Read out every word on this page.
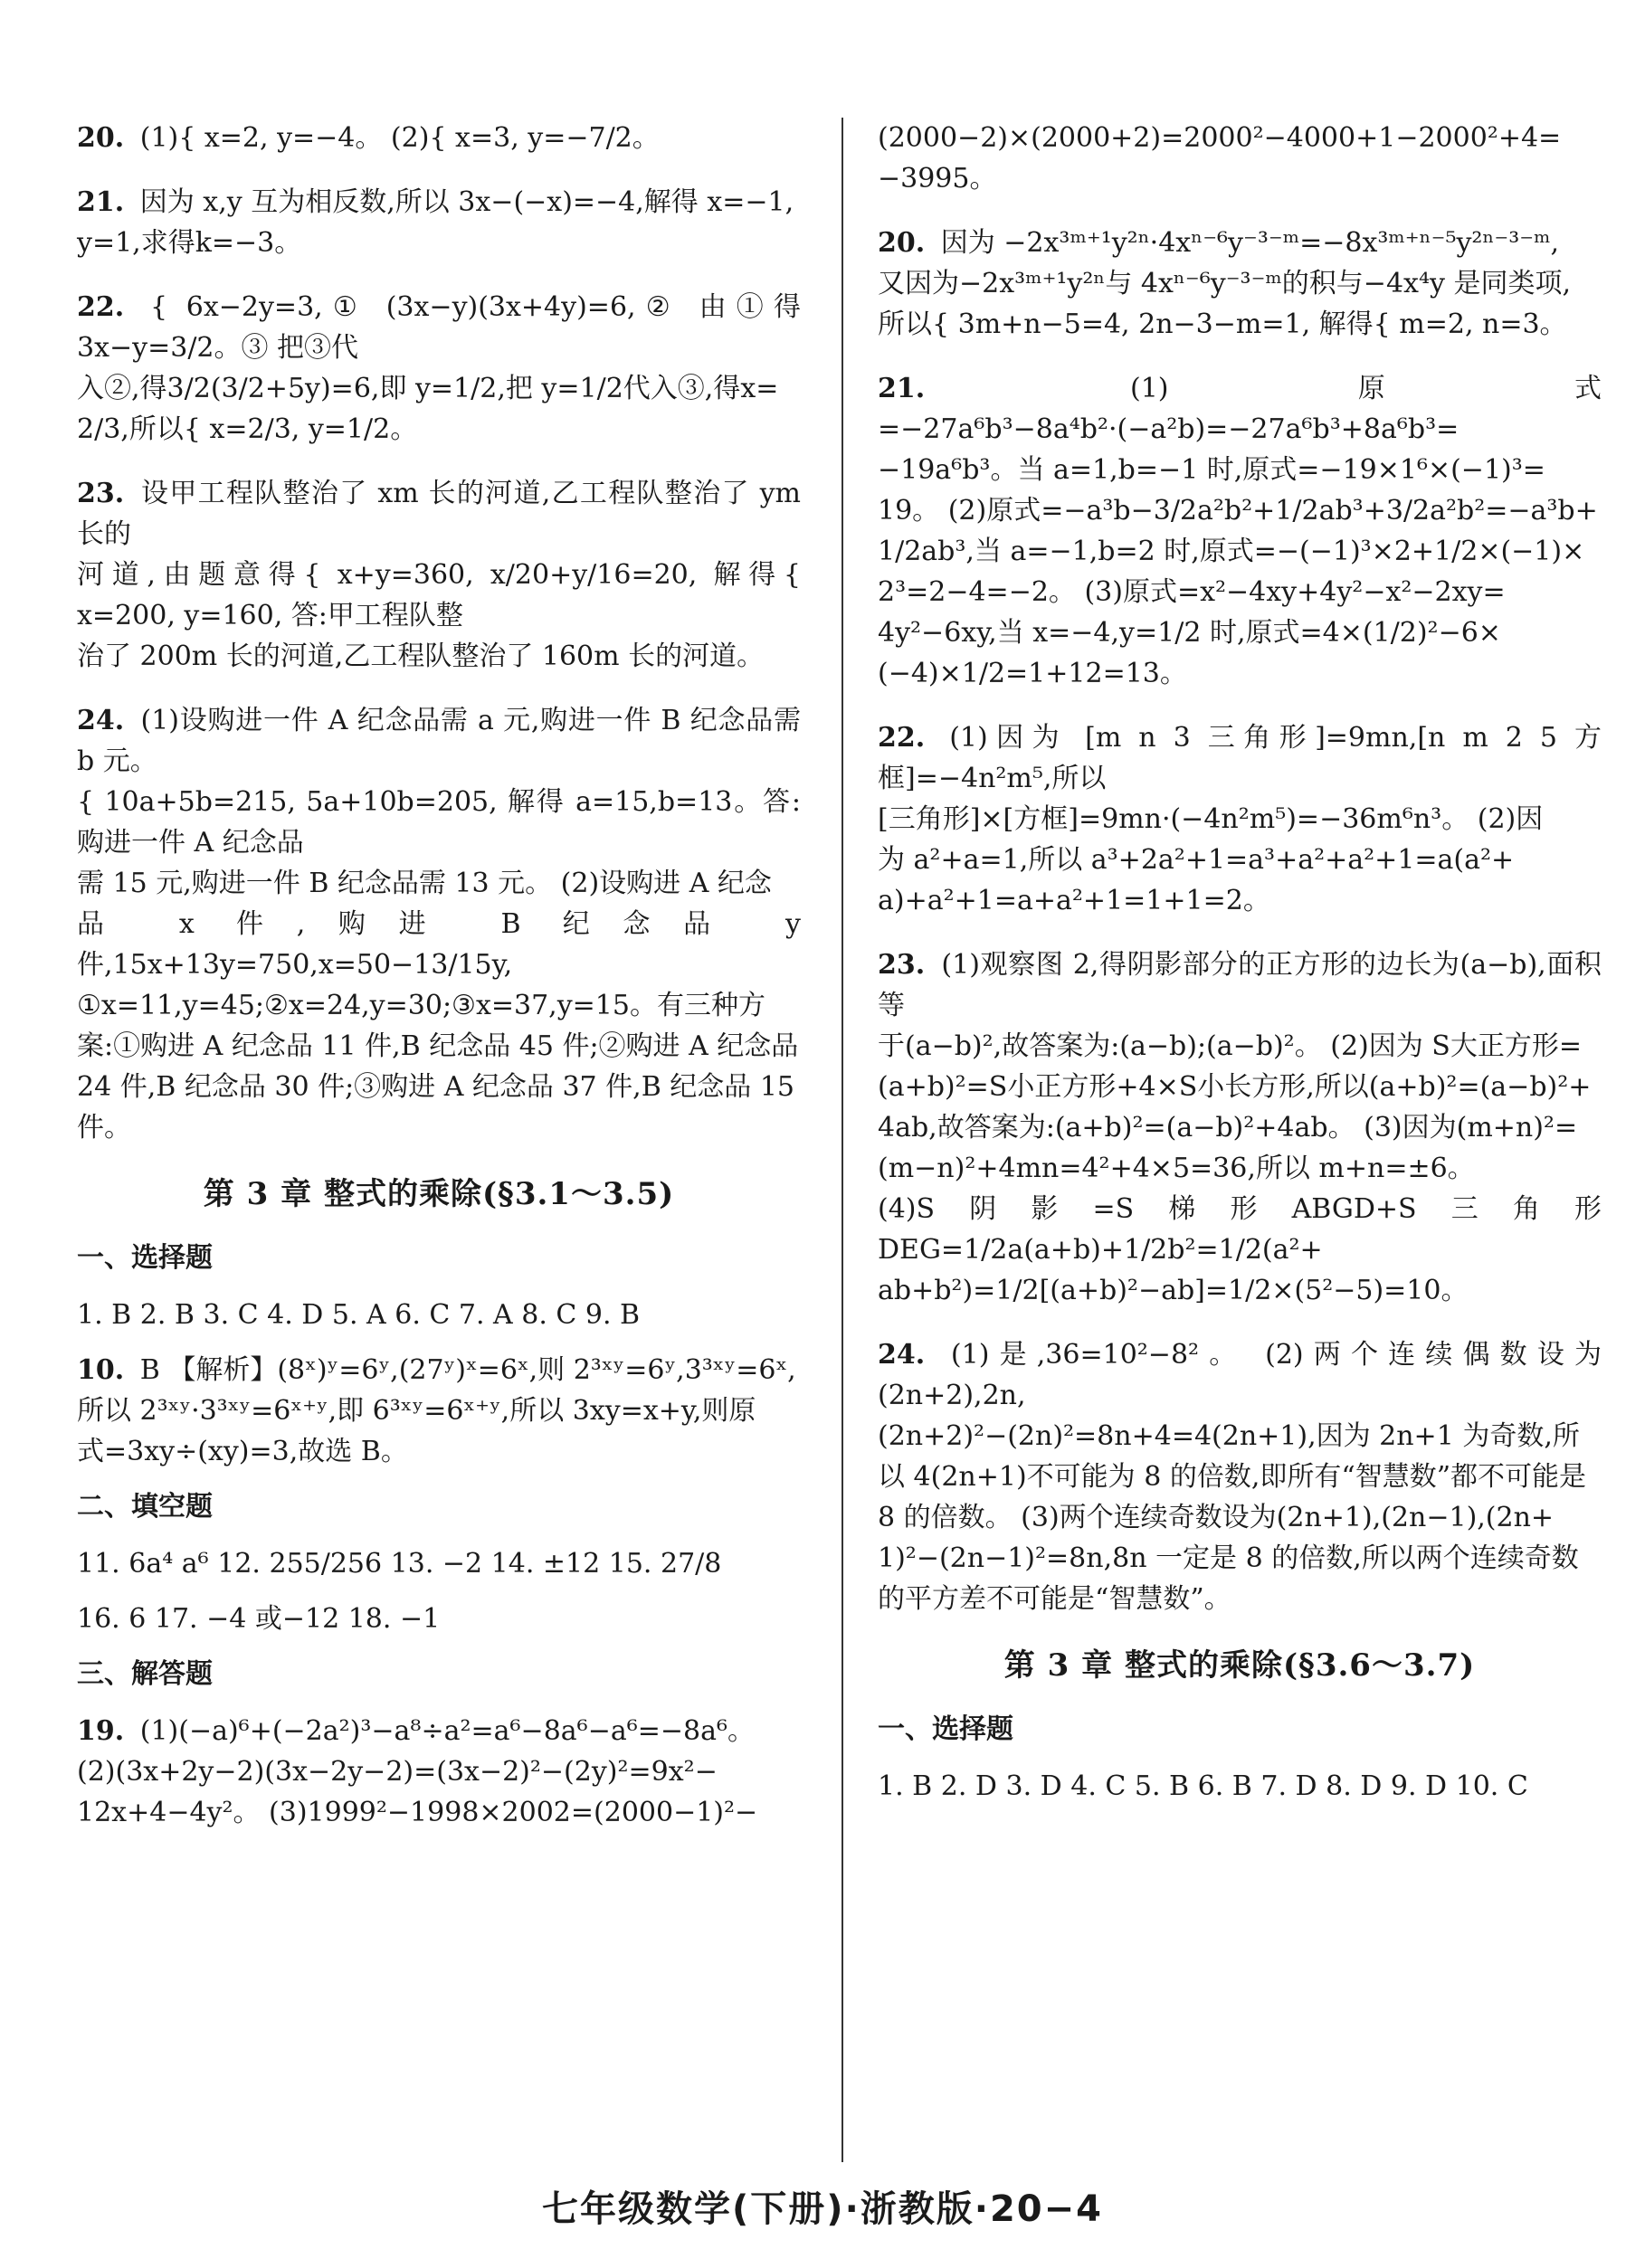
20. (1){ x=2, y=−4。 (2){ x=3, y=−7/2。
21. 因为 x,y 互为相反数,所以 3x−(−x)=−4,解得 x=−1,
y=1,求得k=−3。
22. { 6x−2y=3,① (3x−y)(3x+4y)=6,② 由①得 3x−y=3/2。③ 把③代
入②,得3/2(3/2+5y)=6,即 y=1/2,把 y=1/2代入③,得x=
2/3,所以{ x=2/3, y=1/2。
23. 设甲工程队整治了 xm 长的河道,乙工程队整治了 ym 长的
河道,由题意得{ x+y=360, x/20+y/16=20, 解得{ x=200, y=160, 答:甲工程队整
治了 200m 长的河道,乙工程队整治了 160m 长的河道。
24. (1)设购进一件 A 纪念品需 a 元,购进一件 B 纪念品需 b 元。
{ 10a+5b=215, 5a+10b=205, 解得 a=15,b=13。答:购进一件 A 纪念品
需 15 元,购进一件 B 纪念品需 13 元。 (2)设购进 A 纪念
品 x 件,购进 B 纪念品 y 件,15x+13y=750,x=50−13/15y,
①x=11,y=45;②x=24,y=30;③x=37,y=15。有三种方
案:①购进 A 纪念品 11 件,B 纪念品 45 件;②购进 A 纪念品
24 件,B 纪念品 30 件;③购进 A 纪念品 37 件,B 纪念品 15
件。
第 3 章 整式的乘除(§3.1～3.5)
一、选择题
1. B 2. B 3. C 4. D 5. A 6. C 7. A 8. C 9. B
10. B 【解析】(8ˣ)ʸ=6ʸ,(27ʸ)ˣ=6ˣ,则 2³ˣʸ=6ʸ,3³ˣʸ=6ˣ,
所以 2³ˣʸ·3³ˣʸ=6ˣ⁺ʸ,即 6³ˣʸ=6ˣ⁺ʸ,所以 3xy=x+y,则原
式=3xy÷(xy)=3,故选 B。
二、填空题
11. 6a⁴ a⁶ 12. 255/256 13. −2 14. ±12 15. 27/8
16. 6 17. −4 或−12 18. −1
三、解答题
19. (1)(−a)⁶+(−2a²)³−a⁸÷a²=a⁶−8a⁶−a⁶=−8a⁶。
(2)(3x+2y−2)(3x−2y−2)=(3x−2)²−(2y)²=9x²−
12x+4−4y²。 (3)1999²−1998×2002=(2000−1)²−
(2000−2)×(2000+2)=2000²−4000+1−2000²+4=
−3995。
20. 因为 −2x³ᵐ⁺¹y²ⁿ·4xⁿ⁻⁶y⁻³⁻ᵐ=−8x³ᵐ⁺ⁿ⁻⁵y²ⁿ⁻³⁻ᵐ,
又因为−2x³ᵐ⁺¹y²ⁿ与 4xⁿ⁻⁶y⁻³⁻ᵐ的积与−4x⁴y 是同类项,
所以{ 3m+n−5=4, 2n−3−m=1, 解得{ m=2, n=3。
21.	(1)原式=−27a⁶b³−8a⁴b²·(−a²b)=−27a⁶b³+8a⁶b³=
−19a⁶b³。当 a=1,b=−1 时,原式=−19×1⁶×(−1)³=
19。 (2)原式=−a³b−3/2a²b²+1/2ab³+3/2a²b²=−a³b+
1/2ab³,当 a=−1,b=2 时,原式=−(−1)³×2+1/2×(−1)×
2³=2−4=−2。 (3)原式=x²−4xy+4y²−x²−2xy=
4y²−6xy,当 x=−4,y=1/2 时,原式=4×(1/2)²−6×
(−4)×1/2=1+12=13。
22. (1)因为 [m n 3 三角形]=9mn,[n m 2 5 方框]=−4n²m⁵,所以
[三角形]×[方框]=9mn·(−4n²m⁵)=−36m⁶n³。 (2)因
为 a²+a=1,所以 a³+2a²+1=a³+a²+a²+1=a(a²+
a)+a²+1=a+a²+1=1+1=2。
23. (1)观察图 2,得阴影部分的正方形的边长为(a−b),面积等
于(a−b)²,故答案为:(a−b);(a−b)²。 (2)因为 S大正方形=
(a+b)²=S小正方形+4×S小长方形,所以(a+b)²=(a−b)²+
4ab,故答案为:(a+b)²=(a−b)²+4ab。 (3)因为(m+n)²=
(m−n)²+4mn=4²+4×5=36,所以 m+n=±6。
(4)S阴影=S梯形ABGD+S三角形DEG=1/2a(a+b)+1/2b²=1/2(a²+
ab+b²)=1/2[(a+b)²−ab]=1/2×(5²−5)=10。
24. (1)是,36=10²−8²。 (2)两个连续偶数设为(2n+2),2n,
(2n+2)²−(2n)²=8n+4=4(2n+1),因为 2n+1 为奇数,所
以 4(2n+1)不可能为 8 的倍数,即所有“智慧数”都不可能是
8 的倍数。 (3)两个连续奇数设为(2n+1),(2n−1),(2n+
1)²−(2n−1)²=8n,8n 一定是 8 的倍数,所以两个连续奇数
的平方差不可能是“智慧数”。
第 3 章 整式的乘除(§3.6～3.7)
一、选择题
1. B 2. D 3. D 4. C 5. B 6. B 7. D 8. D 9. D 10. C
七年级数学(下册)·浙教版·20−4
